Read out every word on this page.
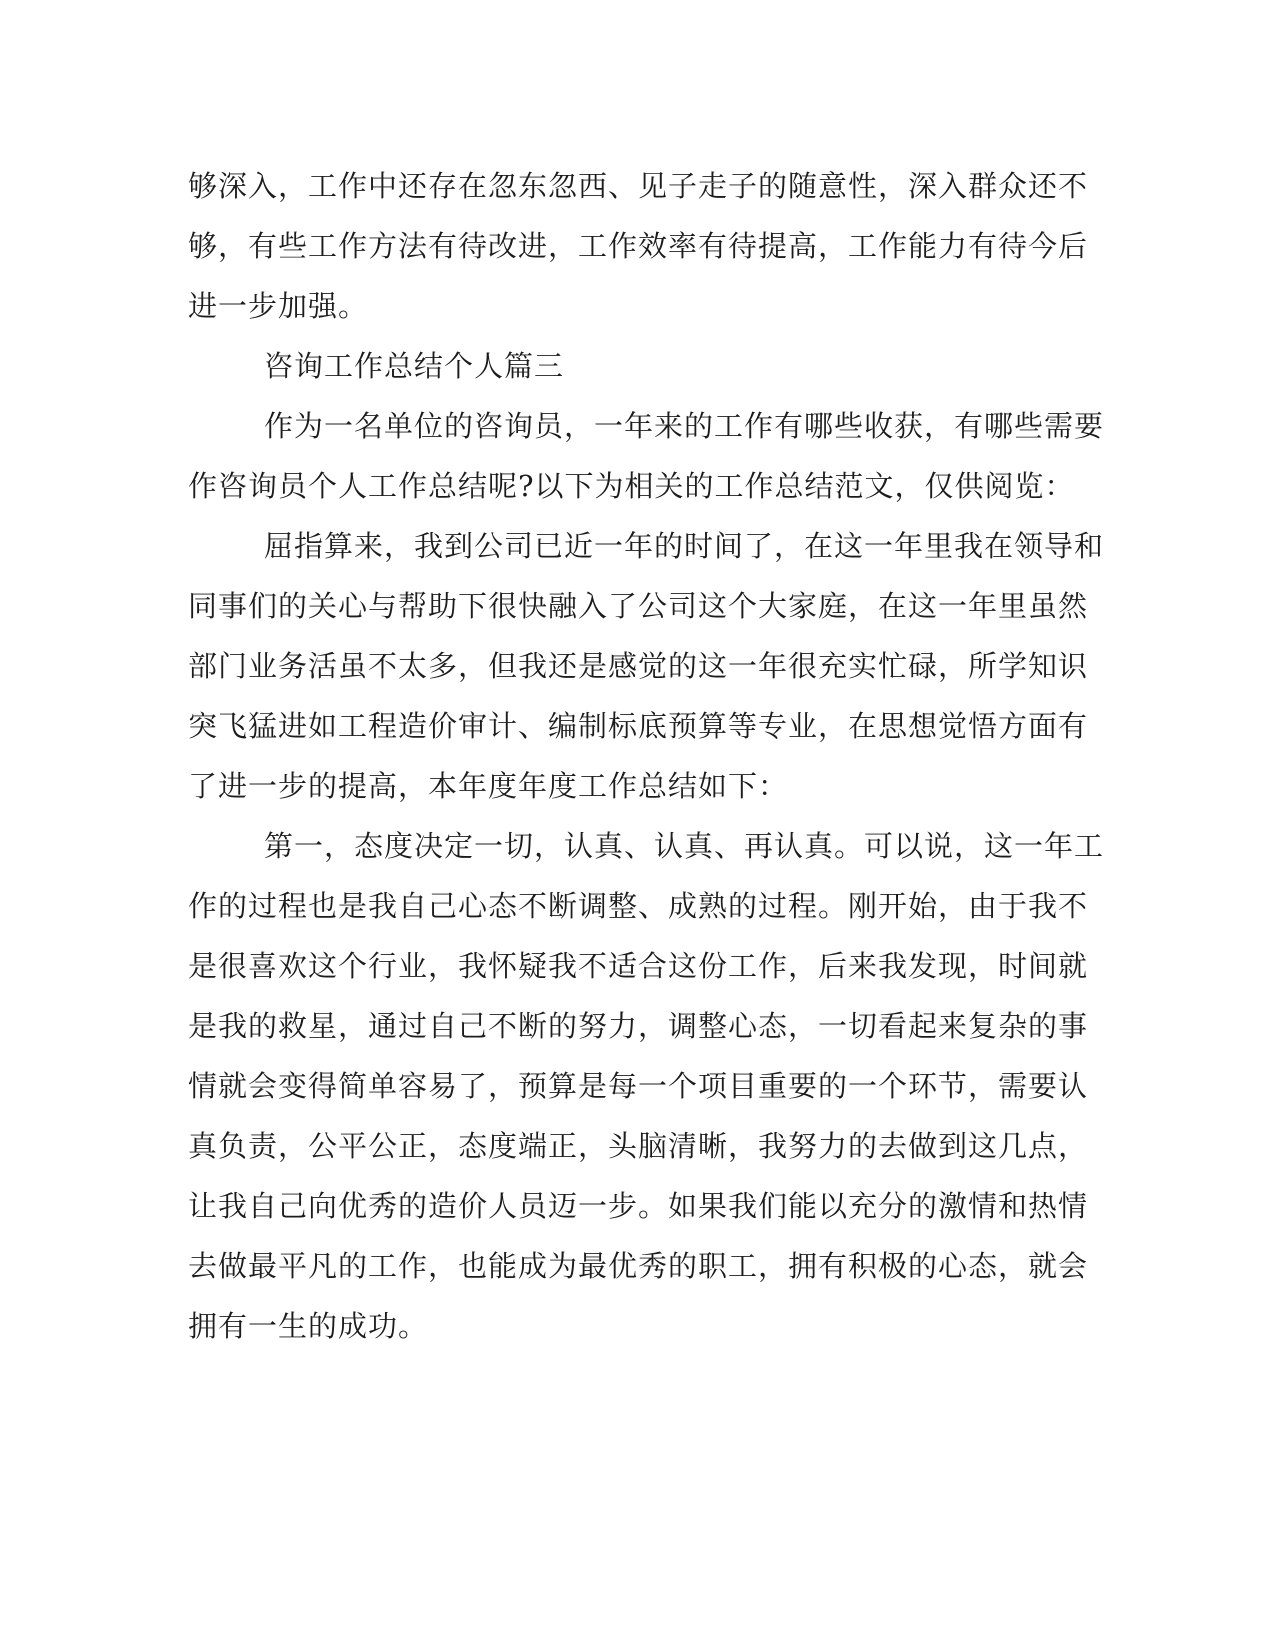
够深入，工作中还存在忽东忽西、见子走子的随意性，深入群众还不
够，有些工作方法有待改进，工作效率有待提高，工作能力有待今后
进一步加强。
咨询工作总结个人篇三
作为一名单位的咨询员，一年来的工作有哪些收获，有哪些需要
作咨询员个人工作总结呢?以下为相关的工作总结范文，仅供阅览：
屈指算来，我到公司已近一年的时间了，在这一年里我在领导和
同事们的关心与帮助下很快融入了公司这个大家庭，在这一年里虽然
部门业务活虽不太多，但我还是感觉的这一年很充实忙碌，所学知识
突飞猛进如工程造价审计、编制标底预算等专业，在思想觉悟方面有
了进一步的提高，本年度年度工作总结如下：
第一，态度决定一切，认真、认真、再认真。可以说，这一年工
作的过程也是我自己心态不断调整、成熟的过程。刚开始，由于我不
是很喜欢这个行业，我怀疑我不适合这份工作，后来我发现，时间就
是我的救星，通过自己不断的努力，调整心态，一切看起来复杂的事
情就会变得简单容易了，预算是每一个项目重要的一个环节，需要认
真负责，公平公正，态度端正，头脑清晰，我努力的去做到这几点，
让我自己向优秀的造价人员迈一步。如果我们能以充分的激情和热情
去做最平凡的工作，也能成为最优秀的职工，拥有积极的心态，就会
拥有一生的成功。
